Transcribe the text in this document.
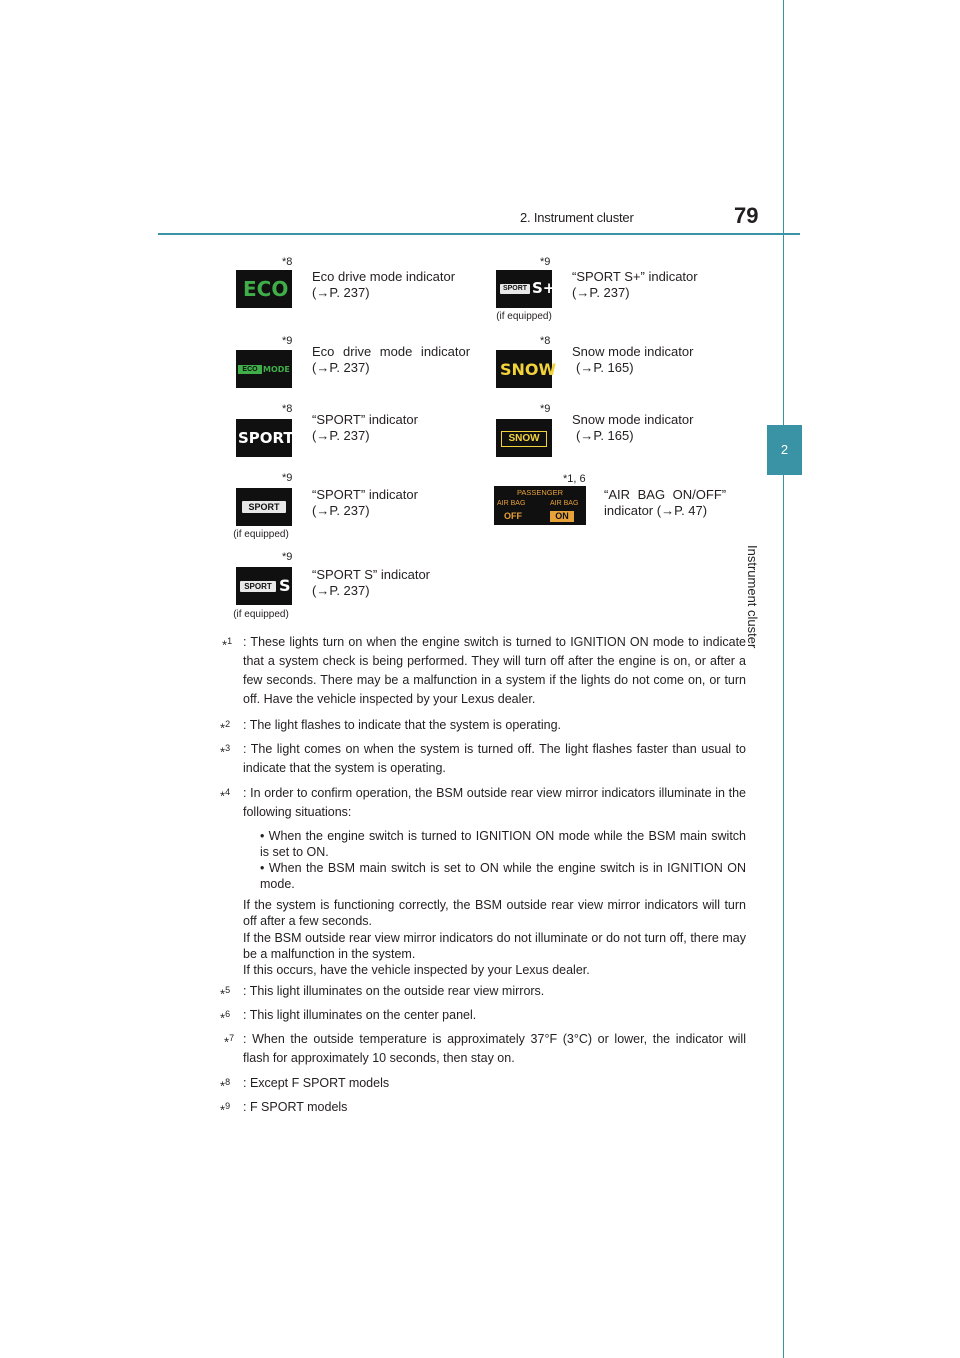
2. Instrument cluster	79
2
Instrument cluster
*8
ECO
Eco drive mode indicator
(→P. 237)
*9
SPORT S+
(if equipped)
“SPORT S+” indicator
(→P. 237)
*9
ECO MODE
Eco drive mode indicator
(→P. 237)
*8
SNOW
Snow mode indicator
(→P. 165)
*8
SPORT
“SPORT” indicator
(→P. 237)
*9
SNOW
Snow mode indicator
(→P. 165)
*9
SPORT
(if equipped)
“SPORT” indicator
(→P. 237)
*1, 6
PASSENGER
AIR BAG	AIR BAG
OFF	ON
“AIR BAG ON/OFF”
indicator (→P. 47)
*9
SPORT S
(if equipped)
“SPORT S” indicator
(→P. 237)
*$^1$ : These lights turn on when the engine switch is turned to IGNITION ON mode to indicate that a system check is being performed. They will turn off after the engine is on, or after a few seconds. There may be a malfunction in a system if the lights do not come on, or turn off. Have the vehicle inspected by your Lexus dealer.
*$^2$ : The light flashes to indicate that the system is operating.
*$^3$ : The light comes on when the system is turned off. The light flashes faster than usual to indicate that the system is operating.
*$^4$ : In order to confirm operation, the BSM outside rear view mirror indicators illuminate in the following situations:
• When the engine switch is turned to IGNITION ON mode while the BSM main switch is set to ON.
• When the BSM main switch is set to ON while the engine switch is in IGNITION ON mode.
If the system is functioning correctly, the BSM outside rear view mirror indicators will turn off after a few seconds.
If the BSM outside rear view mirror indicators do not illuminate or do not turn off, there may be a malfunction in the system.
If this occurs, have the vehicle inspected by your Lexus dealer.
*$^5$ : This light illuminates on the outside rear view mirrors.
*$^6$ : This light illuminates on the center panel.
*$^7$ : When the outside temperature is approximately 37°F (3°C) or lower, the indicator will flash for approximately 10 seconds, then stay on.
*$^8$ : Except F SPORT models
*$^9$ : F SPORT models
